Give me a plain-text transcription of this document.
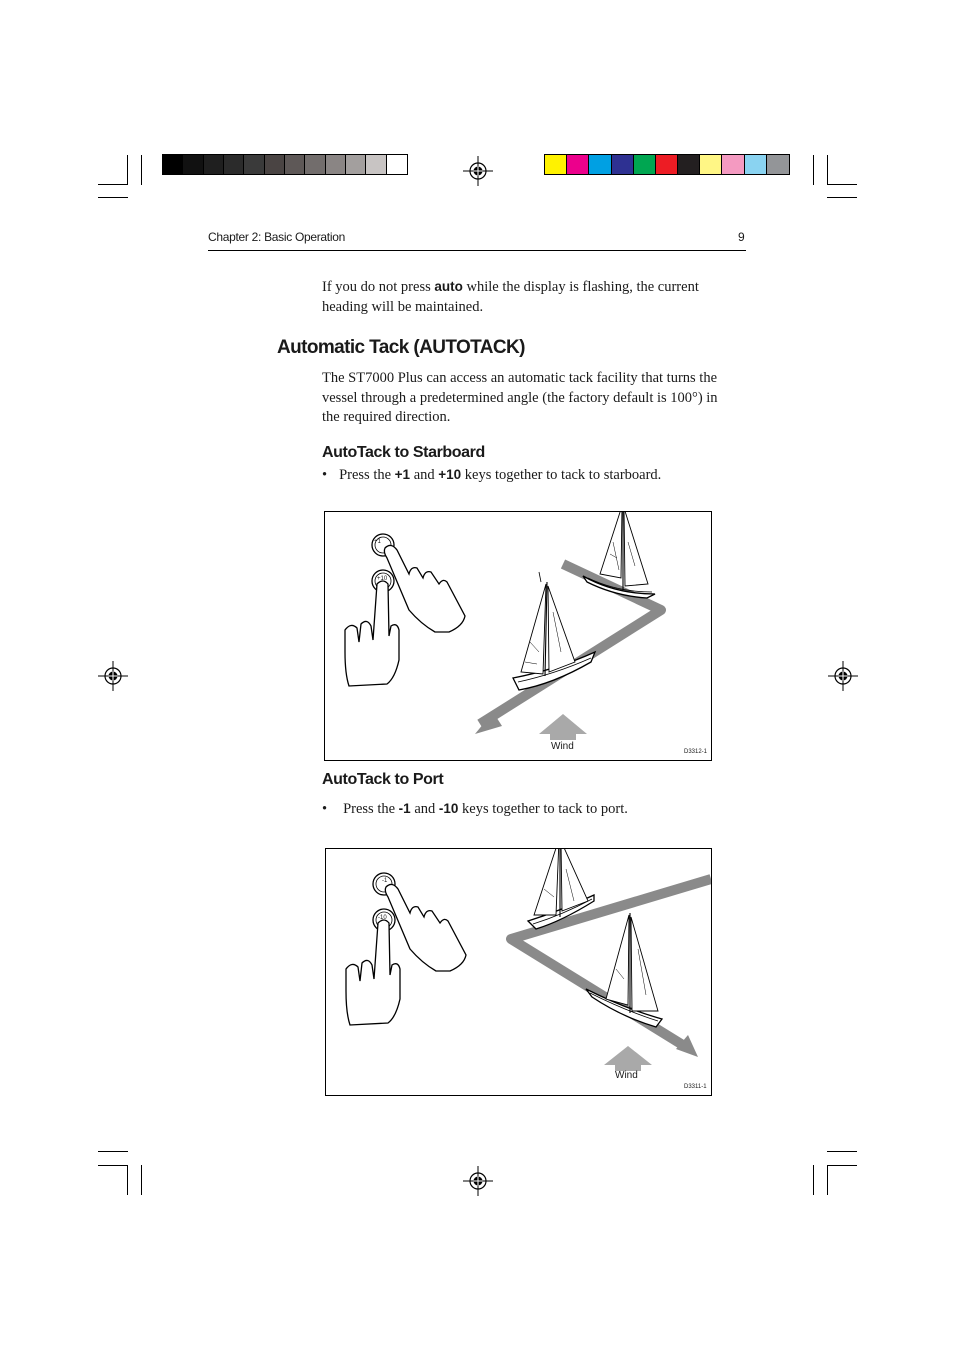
Chapter 2: Basic Operation	9
If you do not press auto while the display is flashing, the current heading will be maintained.
Automatic Tack (AUTOTACK)
The ST7000 Plus can access an automatic tack facility that turns the vessel through a predetermined angle (the factory default is 100°) in the required direction.
AutoTack to Starboard
• Press the +1 and +10 keys together to tack to starboard.
+1
+10
Wind	D3312-1
AutoTack to Port
• Press the -1 and -10 keys together to tack to port.
-1
-10
Wind
D3311-1
